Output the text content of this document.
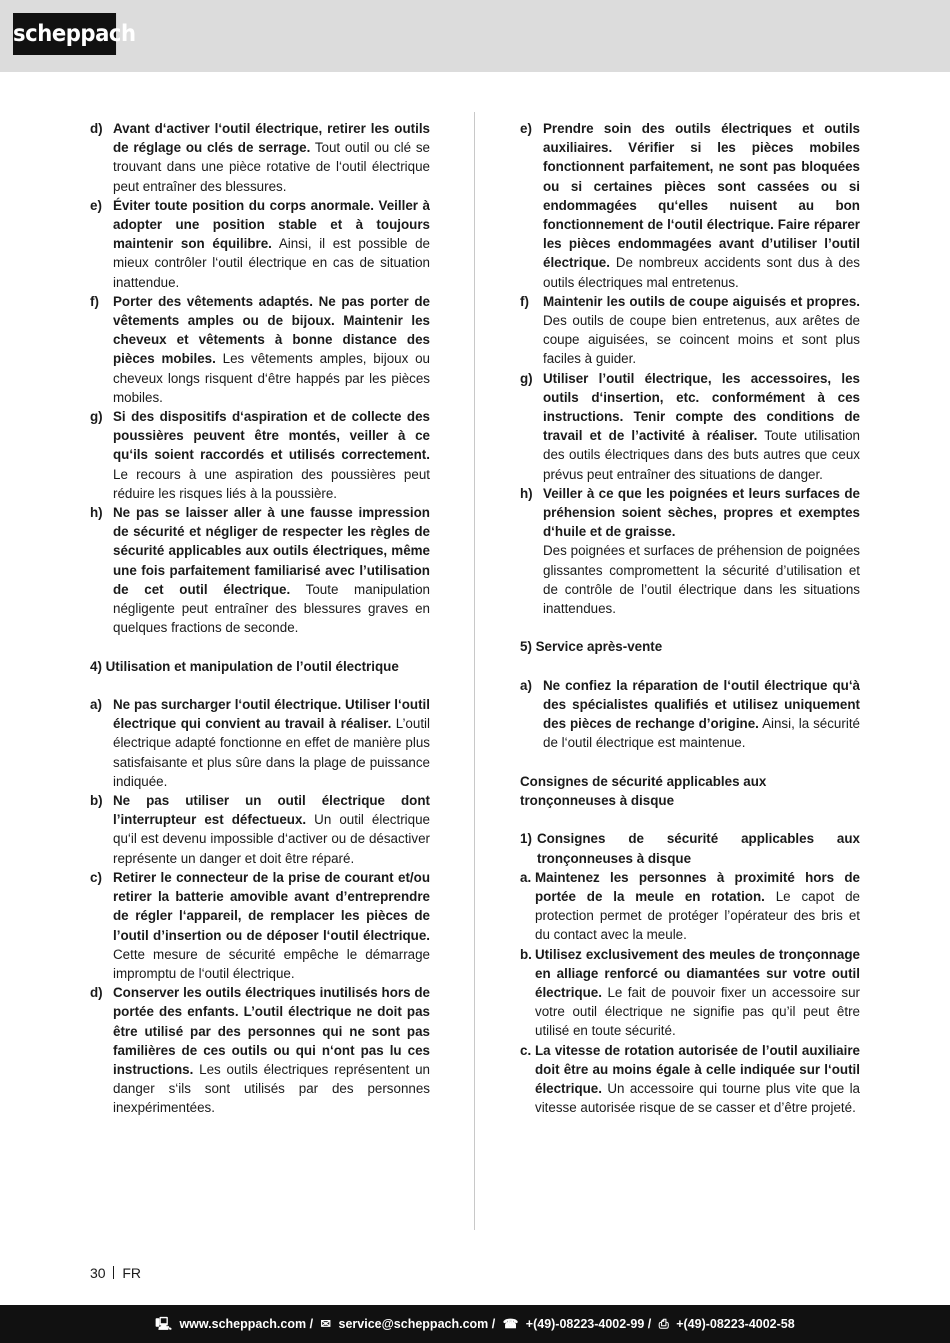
scheppach
d) Avant d‘activer l‘outil électrique, retirer les outils de réglage ou clés de serrage. Tout outil ou clé se trouvant dans une pièce rotative de l‘outil électrique peut entraîner des blessures.
e) Éviter toute position du corps anormale. Veiller à adopter une position stable et à toujours maintenir son équilibre. Ainsi, il est possible de mieux contrôler l‘outil électrique en cas de situation inattendue.
f)	Porter des vêtements adaptés. Ne pas porter de vêtements amples ou de bijoux. Maintenir les cheveux et vêtements à bonne distance des pièces mobiles. Les vêtements amples, bijoux ou cheveux longs risquent d‘être happés par les pièces mobiles.
g) Si des dispositifs d‘aspiration et de collecte des poussières peuvent être montés, veiller à ce qu‘ils soient raccordés et utilisés correctement. Le recours à une aspiration des poussières peut réduire les risques liés à la poussière.
h) Ne pas se laisser aller à une fausse impression de sécurité et négliger de respecter les règles de sécurité applicables aux outils électriques, même une fois parfaitement familiarisé avec l’utilisation de cet outil électrique. Toute manipulation négligente peut entraîner des blessures graves en quelques fractions de seconde.
4) Utilisation et manipulation de l’outil électrique
a) Ne pas surcharger l‘outil électrique. Utiliser l‘outil électrique qui convient au travail à réaliser. L’outil électrique adapté fonctionne en effet de manière plus satisfaisante et plus sûre dans la plage de puissance indiquée.
b) Ne pas utiliser un outil électrique dont l’interrupteur est défectueux. Un outil électrique qu‘il est devenu impossible d‘activer ou de désactiver représente un danger et doit être réparé.
c) Retirer le connecteur de la prise de courant et/ou retirer la batterie amovible avant d’entreprendre de régler l‘appareil, de remplacer les pièces de l’outil d’insertion ou de déposer l‘outil électrique. Cette mesure de sécurité empêche le démarrage impromptu de l‘outil électrique.
d) Conserver les outils électriques inutilisés hors de portée des enfants. L’outil électrique ne doit pas être utilisé par des personnes qui ne sont pas familières de ces outils ou qui n‘ont pas lu ces instructions. Les outils électriques représentent un danger s‘ils sont utilisés par des personnes inexpérimentées.
e) Prendre soin des outils électriques et outils auxiliaires. Vérifier si les pièces mobiles fonctionnent parfaitement, ne sont pas bloquées ou si certaines pièces sont cassées ou si endommagées qu‘elles nuisent au bon fonctionnement de l‘outil électrique. Faire réparer les pièces endommagées avant d’utiliser l’outil électrique. De nombreux accidents sont dus à des outils électriques mal entretenus.
f)	Maintenir les outils de coupe aiguisés et propres. Des outils de coupe bien entretenus, aux arêtes de coupe aiguisées, se coincent moins et sont plus faciles à guider.
g) Utiliser l’outil électrique, les accessoires, les outils d‘insertion, etc. conformément à ces instructions. Tenir compte des conditions de travail et de l’activité à réaliser. Toute utilisation des outils électriques dans des buts autres que ceux prévus peut entraîner des situations de danger.
h) Veiller à ce que les poignées et leurs surfaces de préhension soient sèches, propres et exemptes d‘huile et de graisse.
Des poignées et surfaces de préhension de poignées glissantes compromettent la sécurité d’utilisation et de contrôle de l’outil électrique dans les situations inattendues.
5) Service après-vente
a) Ne confiez la réparation de l‘outil électrique qu‘à des spécialistes qualifiés et utilisez uniquement des pièces de rechange d’origine. Ainsi, la sécurité de l‘outil électrique est maintenue.
Consignes de sécurité applicables aux tronçonneuses à disque
1) Consignes de sécurité applicables aux tronçonneuses à disque
a. Maintenez les personnes à proximité hors de portée de la meule en rotation. Le capot de protection permet de protéger l’opérateur des bris et du contact avec la meule.
b. Utilisez exclusivement des meules de tronçonnage en alliage renforcé ou diamantées sur votre outil électrique. Le fait de pouvoir fixer un accessoire sur votre outil électrique ne signifie pas qu’il peut être utilisé en toute sécurité.
c. La vitesse de rotation autorisée de l’outil auxiliaire doit être au moins égale à celle indiquée sur l‘outil électrique. Un accessoire qui tourne plus vite que la vitesse autorisée risque de se casser et d’être projeté.
30 FR
🖳 www.scheppach.com / ✉ service@scheppach.com / ☎ +(49)-08223-4002-99 / ⎙ +(49)-08223-4002-58
